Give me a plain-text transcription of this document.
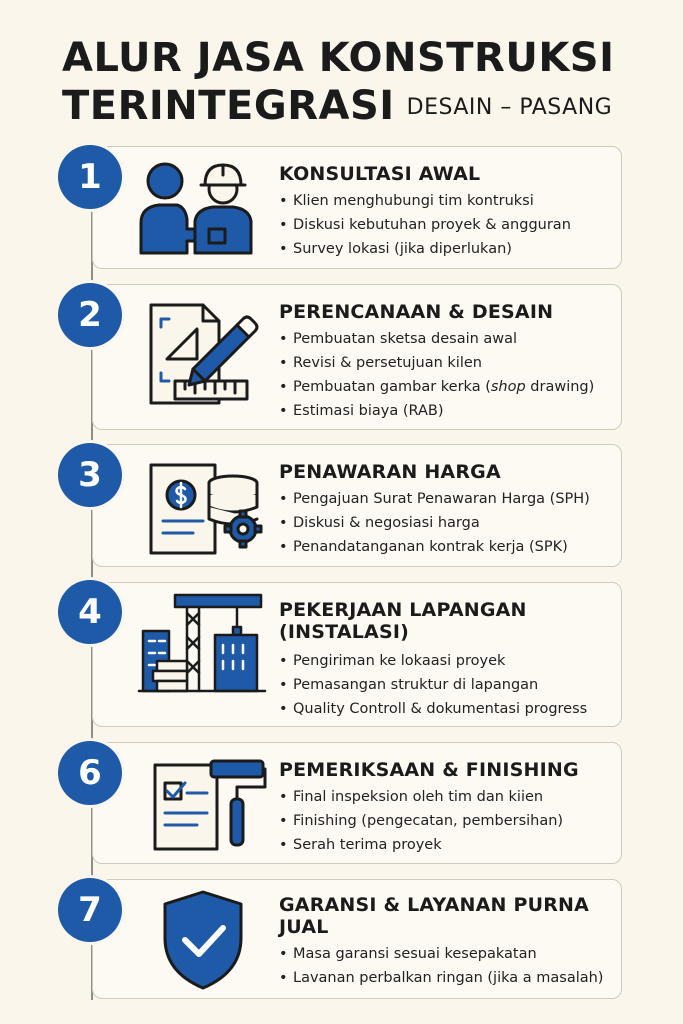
ALUR JASA KONSTRUKSI
TERINTEGRASI DESAIN – PASANG
KONSULTASI AWAL
• Klien menghubungi tim kontruksi
• Diskusi kebutuhan proyek & angguran
• Survey lokasi (jika diperlukan)
1
PERENCANAAN & DESAIN
• Pembuatan sketsa desain awal
• Revisi & persetujuan kilen
• Pembuatan gambar kerka (shop drawing)
• Estimasi biaya (RAB)
2
PENAWARAN HARGA
• Pengajuan Surat Penawaran Harga (SPH)
• Diskusi & negosiasi harga
• Penandatanganan kontrak kerja (SPK)
3
PEKERJAAN LAPANGAN
(INSTALASI)
• Pengiriman ke lokaasi proyek
• Pemasangan struktur di lapangan
• Quality Controll & dokumentasi progress
4
PEMERIKSAAN & FINISHING
• Final inspeksion oleh tim dan kiien
• Finishing (pengecatan, pembersihan)
• Serah terima proyek
6
GARANSI & LAYANAN PURNA
JUAL
• Masa garansi sesuai kesepakatan
• Lavanan perbalkan ringan (jika a masalah)
7
